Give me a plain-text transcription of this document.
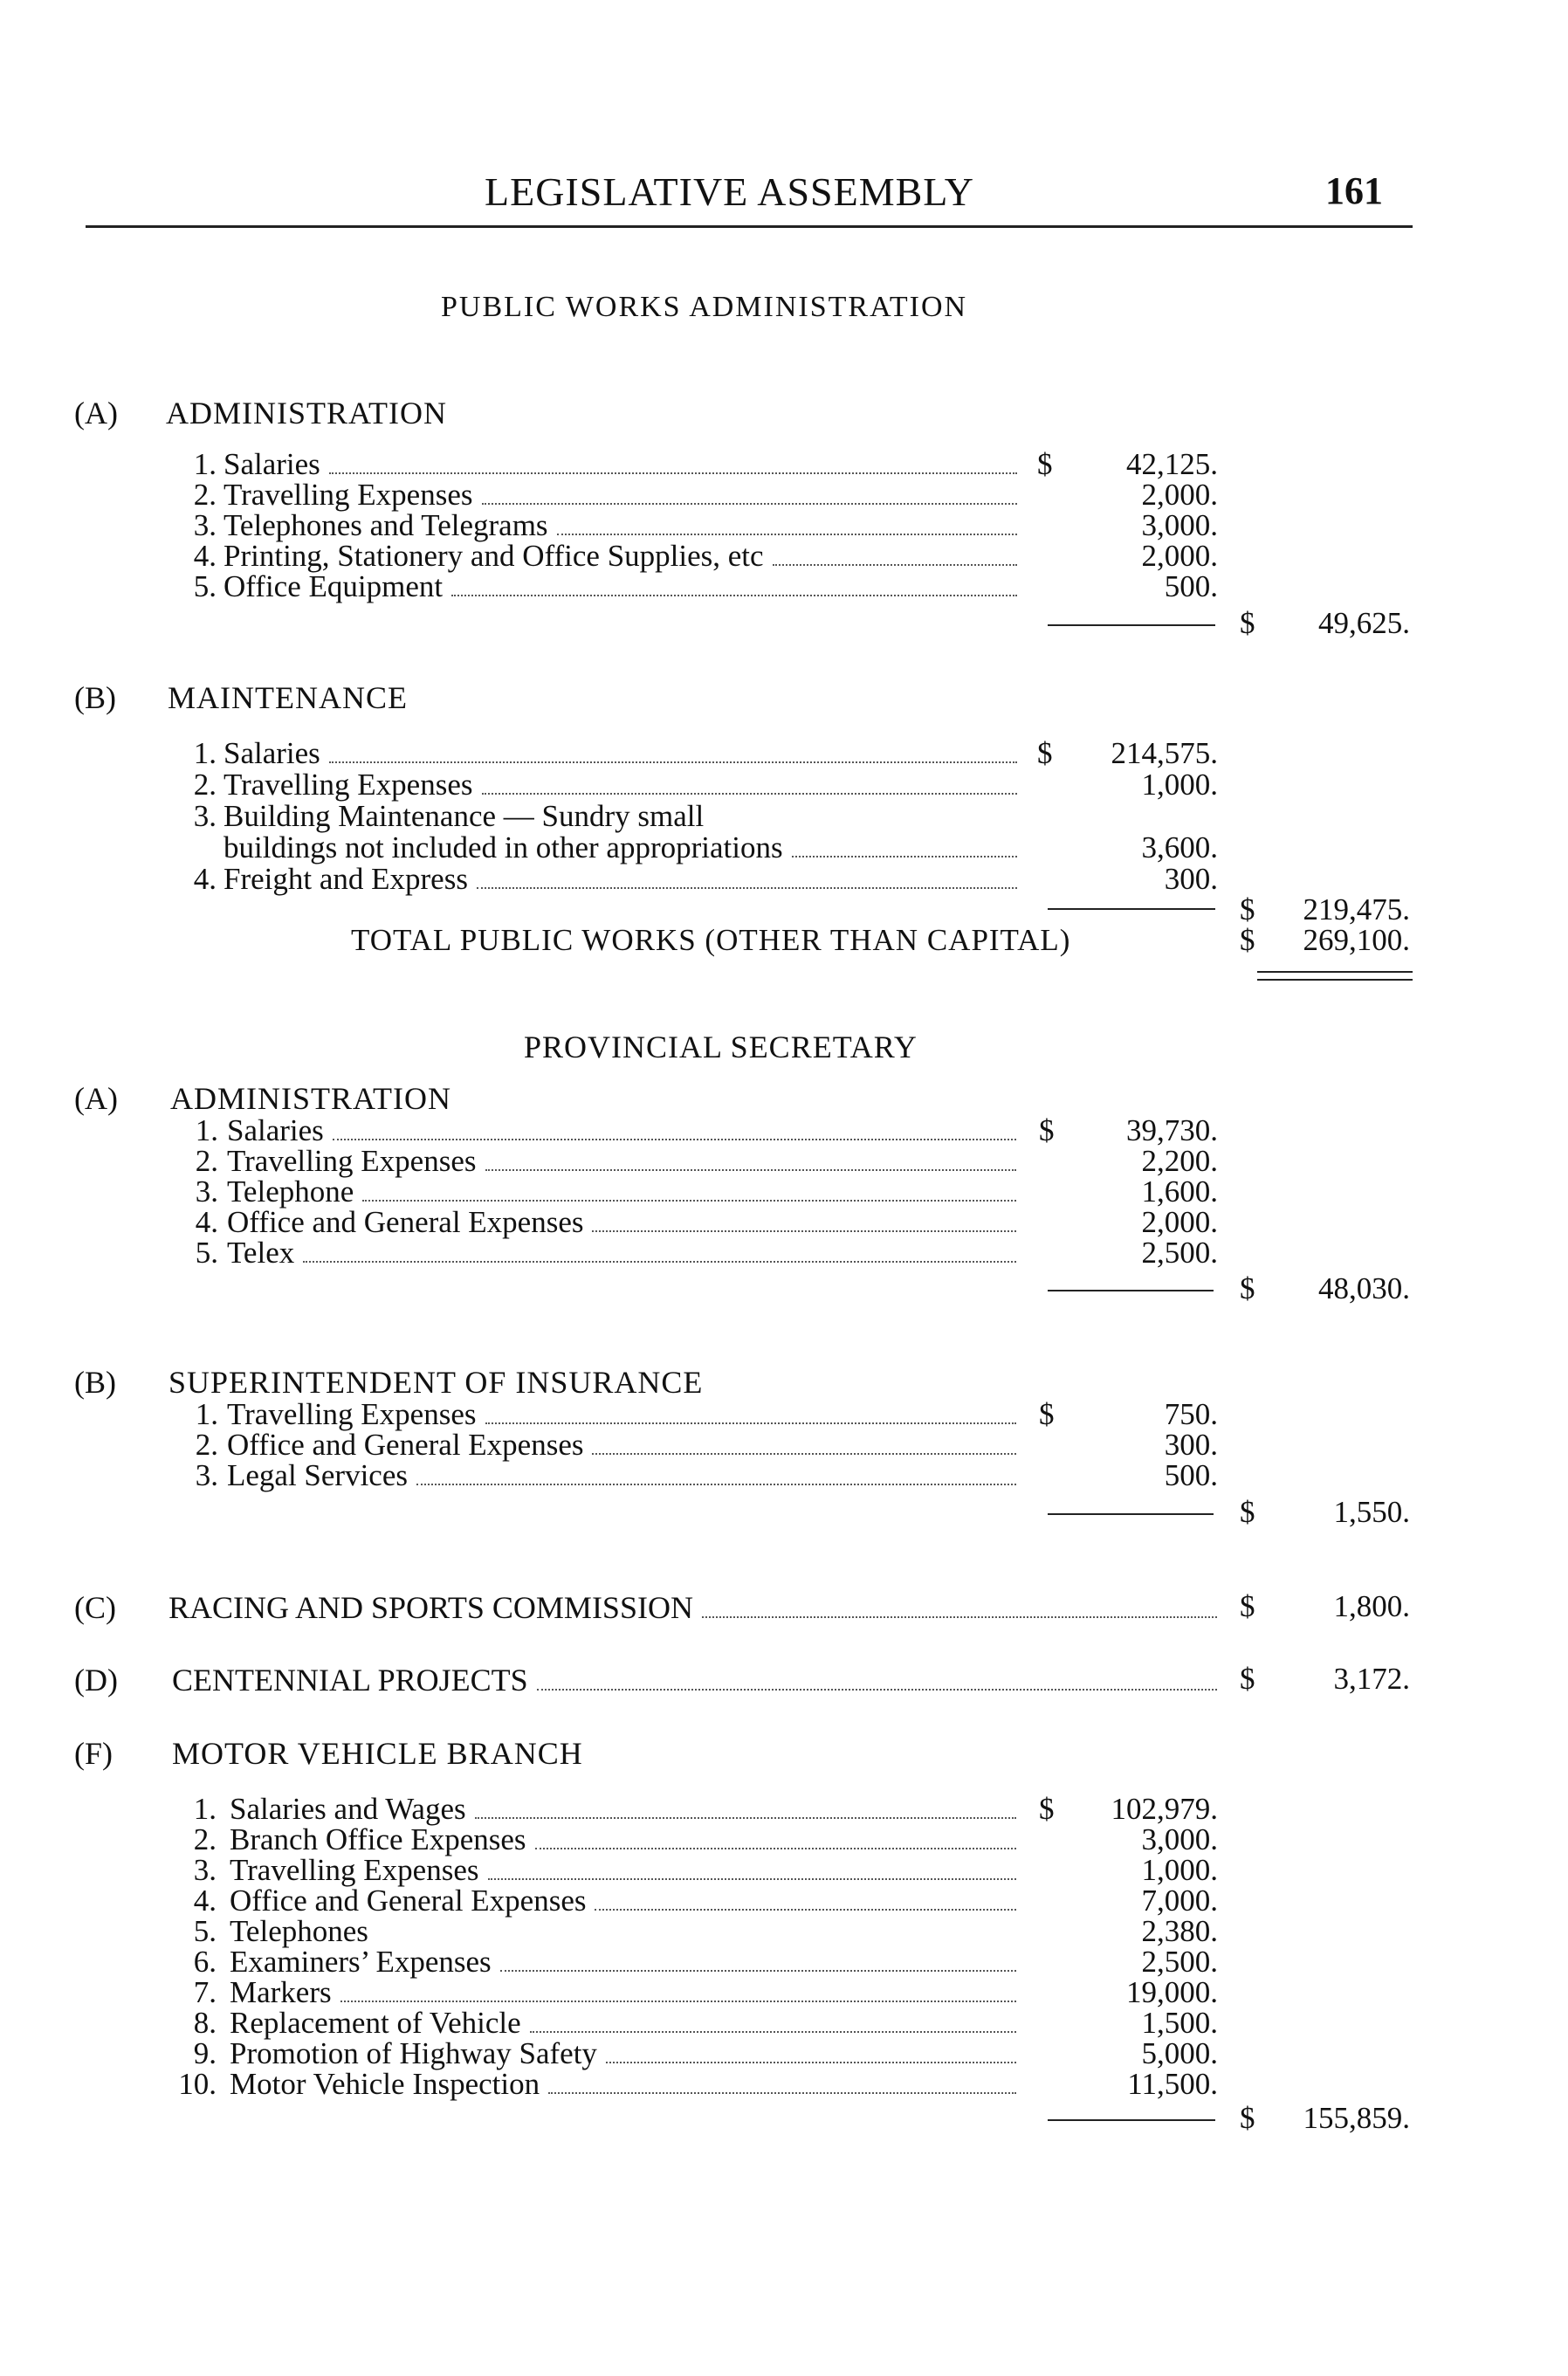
LEGISLATIVE ASSEMBLY	161
PUBLIC WORKS ADMINISTRATION
(A) ADMINISTRATION
1. Salaries	$	42,125.
2. Travelling Expenses	2,000.
3. Telephones and Telegrams	3,000.
4. Printing, Stationery and Office Supplies, etc	2,000.
5. Office Equipment	500.
$	49,625.
(B) MAINTENANCE
1. Salaries	$	214,575.
2. Travelling Expenses	1,000.
3. Building Maintenance — Sundry small
buildings not included in other appropriations	3,600.
4. Freight and Express	300.
$	219,475.
TOTAL PUBLIC WORKS (OTHER THAN CAPITAL)	$	269,100.
PROVINCIAL SECRETARY
(A) ADMINISTRATION
1. Salaries	$	39,730.
2. Travelling Expenses	2,200.
3. Telephone	1,600.
4. Office and General Expenses	2,000.
5. Telex	2,500.
$	48,030.
(B) SUPERINTENDENT OF INSURANCE
1. Travelling Expenses	$	750.
2. Office and General Expenses	300.
3. Legal Services	500.
$	1,550.
(C) RACING AND SPORTS COMMISSION	$	1,800.
(D) CENTENNIAL PROJECTS	$	3,172.
(F) MOTOR VEHICLE BRANCH
1. Salaries and Wages	$	102,979.
2. Branch Office Expenses	3,000.
3. Travelling Expenses	1,000.
4. Office and General Expenses	7,000.
5. Telephones	2,380.
6. Examiners’ Expenses	2,500.
7. Markers	19,000.
8. Replacement of Vehicle	1,500.
9. Promotion of Highway Safety	5,000.
10. Motor Vehicle Inspection	11,500.
$	155,859.
